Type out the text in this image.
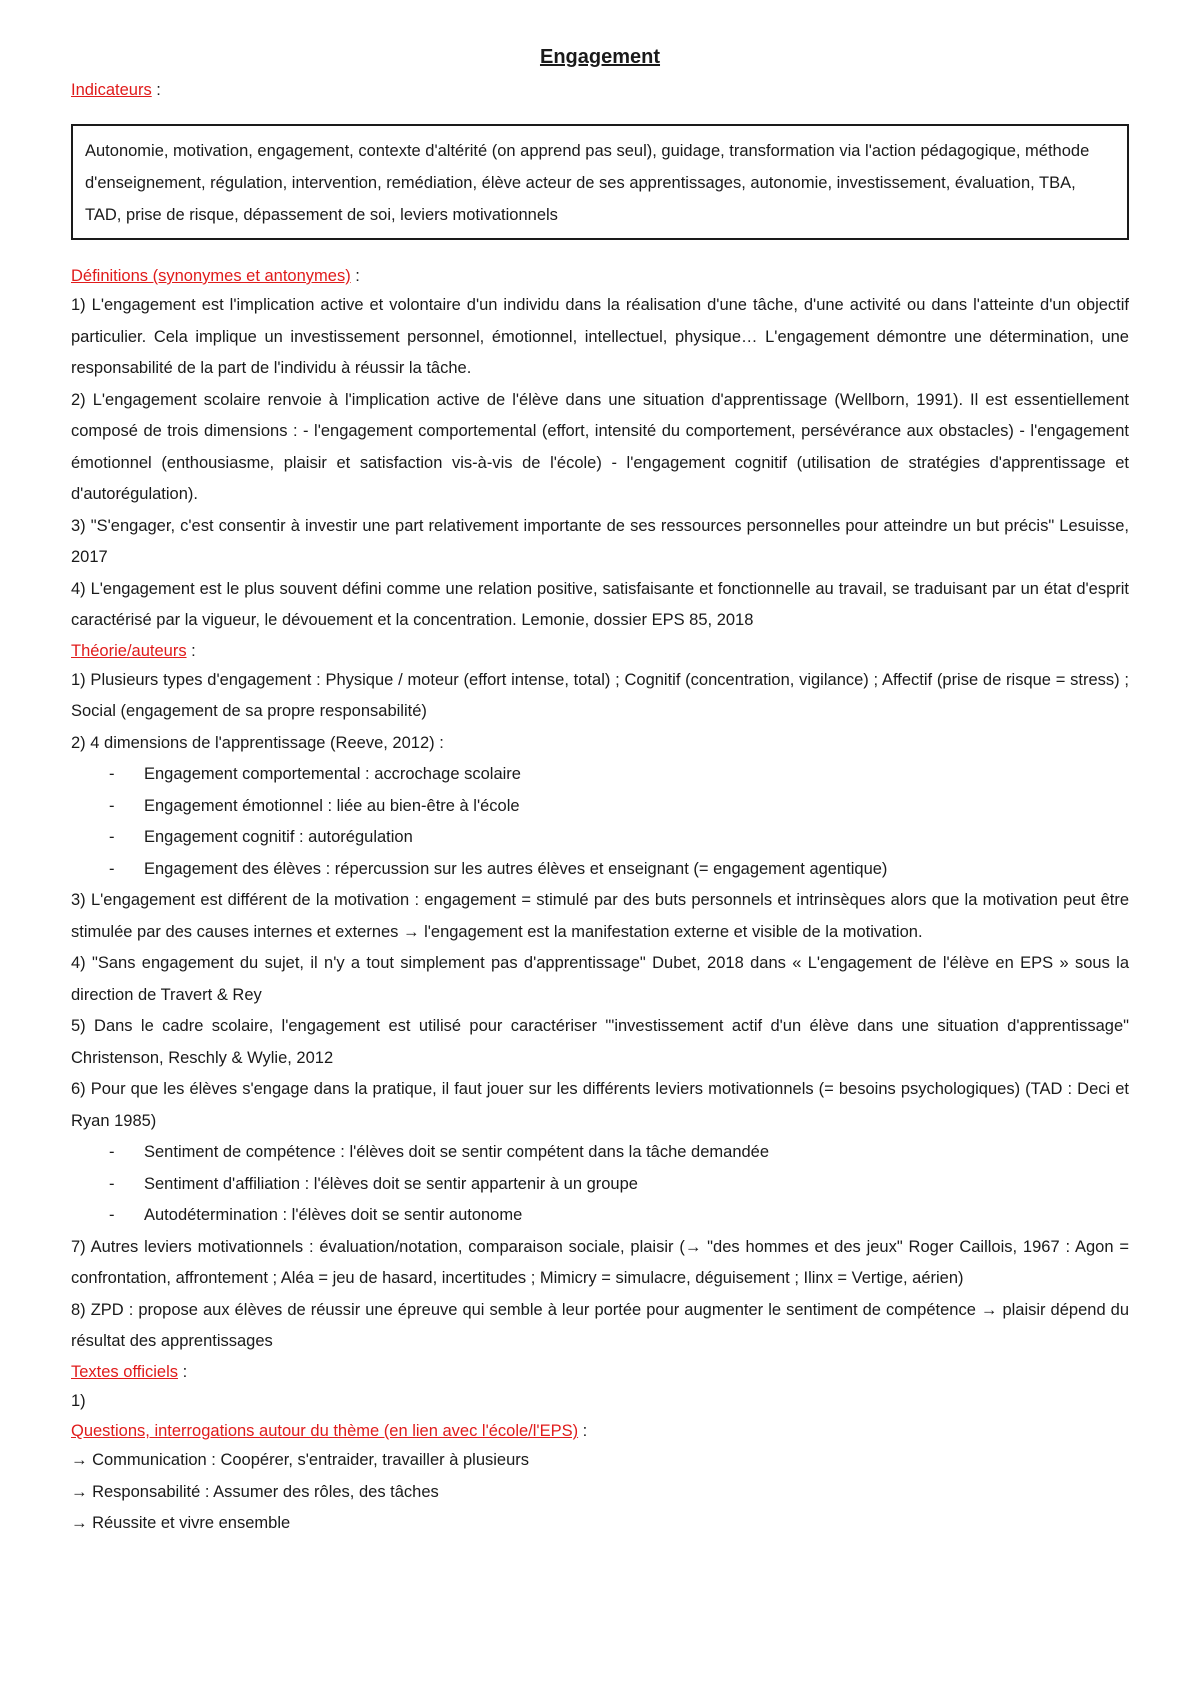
Engagement

Indicateurs :

Autonomie, motivation, engagement, contexte d'altérité (on apprend pas seul), guidage, transformation via l'action pédagogique, méthode d'enseignement, régulation, intervention, remédiation, élève acteur de ses apprentissages, autonomie, investissement, évaluation, TBA, TAD, prise de risque, dépassement de soi, leviers motivationnels

Définitions (synonymes et antonymes) :

1) L'engagement est l'implication active et volontaire d'un individu dans la réalisation d'une tâche, d'une activité ou dans l'atteinte d'un objectif particulier. Cela implique un investissement personnel, émotionnel, intellectuel, physique… L'engagement démontre une détermination, une responsabilité de la part de l'individu à réussir la tâche.

2) L'engagement scolaire renvoie à l'implication active de l'élève dans une situation d'apprentissage (Wellborn, 1991). Il est essentiellement composé de trois dimensions : - l'engagement comportemental (effort, intensité du comportement, persévérance aux obstacles) - l'engagement émotionnel (enthousiasme, plaisir et satisfaction vis-à-vis de l'école) - l'engagement cognitif (utilisation de stratégies d'apprentissage et d'autorégulation).

3) "S'engager, c'est consentir à investir une part relativement importante de ses ressources personnelles pour atteindre un but précis" Lesuisse, 2017

4) L'engagement est le plus souvent défini comme une relation positive, satisfaisante et fonctionnelle au travail, se traduisant par un état d'esprit caractérisé par la vigueur, le dévouement et la concentration. Lemonie, dossier EPS 85, 2018

Théorie/auteurs :

1) Plusieurs types d'engagement : Physique / moteur (effort intense, total) ; Cognitif (concentration, vigilance) ; Affectif (prise de risque = stress) ; Social (engagement de sa propre responsabilité)

2) 4 dimensions de l'apprentissage (Reeve, 2012) :

- Engagement comportemental : accrochage scolaire
- Engagement émotionnel : liée au bien-être à l'école
- Engagement cognitif : autorégulation
- Engagement des élèves : répercussion sur les autres élèves et enseignant (= engagement agentique)

3) L'engagement est différent de la motivation : engagement = stimulé par des buts personnels et intrinsèques alors que la motivation peut être stimulée par des causes internes et externes → l'engagement est la manifestation externe et visible de la motivation.

4) "Sans engagement du sujet, il n'y a tout simplement pas d'apprentissage" Dubet, 2018 dans « L'engagement de l'élève en EPS » sous la direction de Travert & Rey

5) Dans le cadre scolaire, l'engagement est utilisé pour caractériser "'investissement actif d'un élève dans une situation d'apprentissage" Christenson, Reschly & Wylie, 2012

6) Pour que les élèves s'engage dans la pratique, il faut jouer sur les différents leviers motivationnels (= besoins psychologiques) (TAD : Deci et Ryan 1985)

- Sentiment de compétence : l'élèves doit se sentir compétent dans la tâche demandée
- Sentiment d'affiliation : l'élèves doit se sentir appartenir à un groupe
- Autodétermination : l'élèves doit se sentir autonome

7) Autres leviers motivationnels : évaluation/notation, comparaison sociale, plaisir (→ "des hommes et des jeux" Roger Caillois, 1967 : Agon = confrontation, affrontement ; Aléa = jeu de hasard, incertitudes ; Mimicry = simulacre, déguisement ; Ilinx = Vertige, aérien)

8) ZPD : propose aux élèves de réussir une épreuve qui semble à leur portée pour augmenter le sentiment de compétence → plaisir dépend du résultat des apprentissages

Textes officiels :

1)

Questions, interrogations autour du thème (en lien avec l'école/l'EPS) :

→ Communication : Coopérer, s'entraider, travailler à plusieurs

→ Responsabilité : Assumer des rôles, des tâches

→ Réussite et vivre ensemble
